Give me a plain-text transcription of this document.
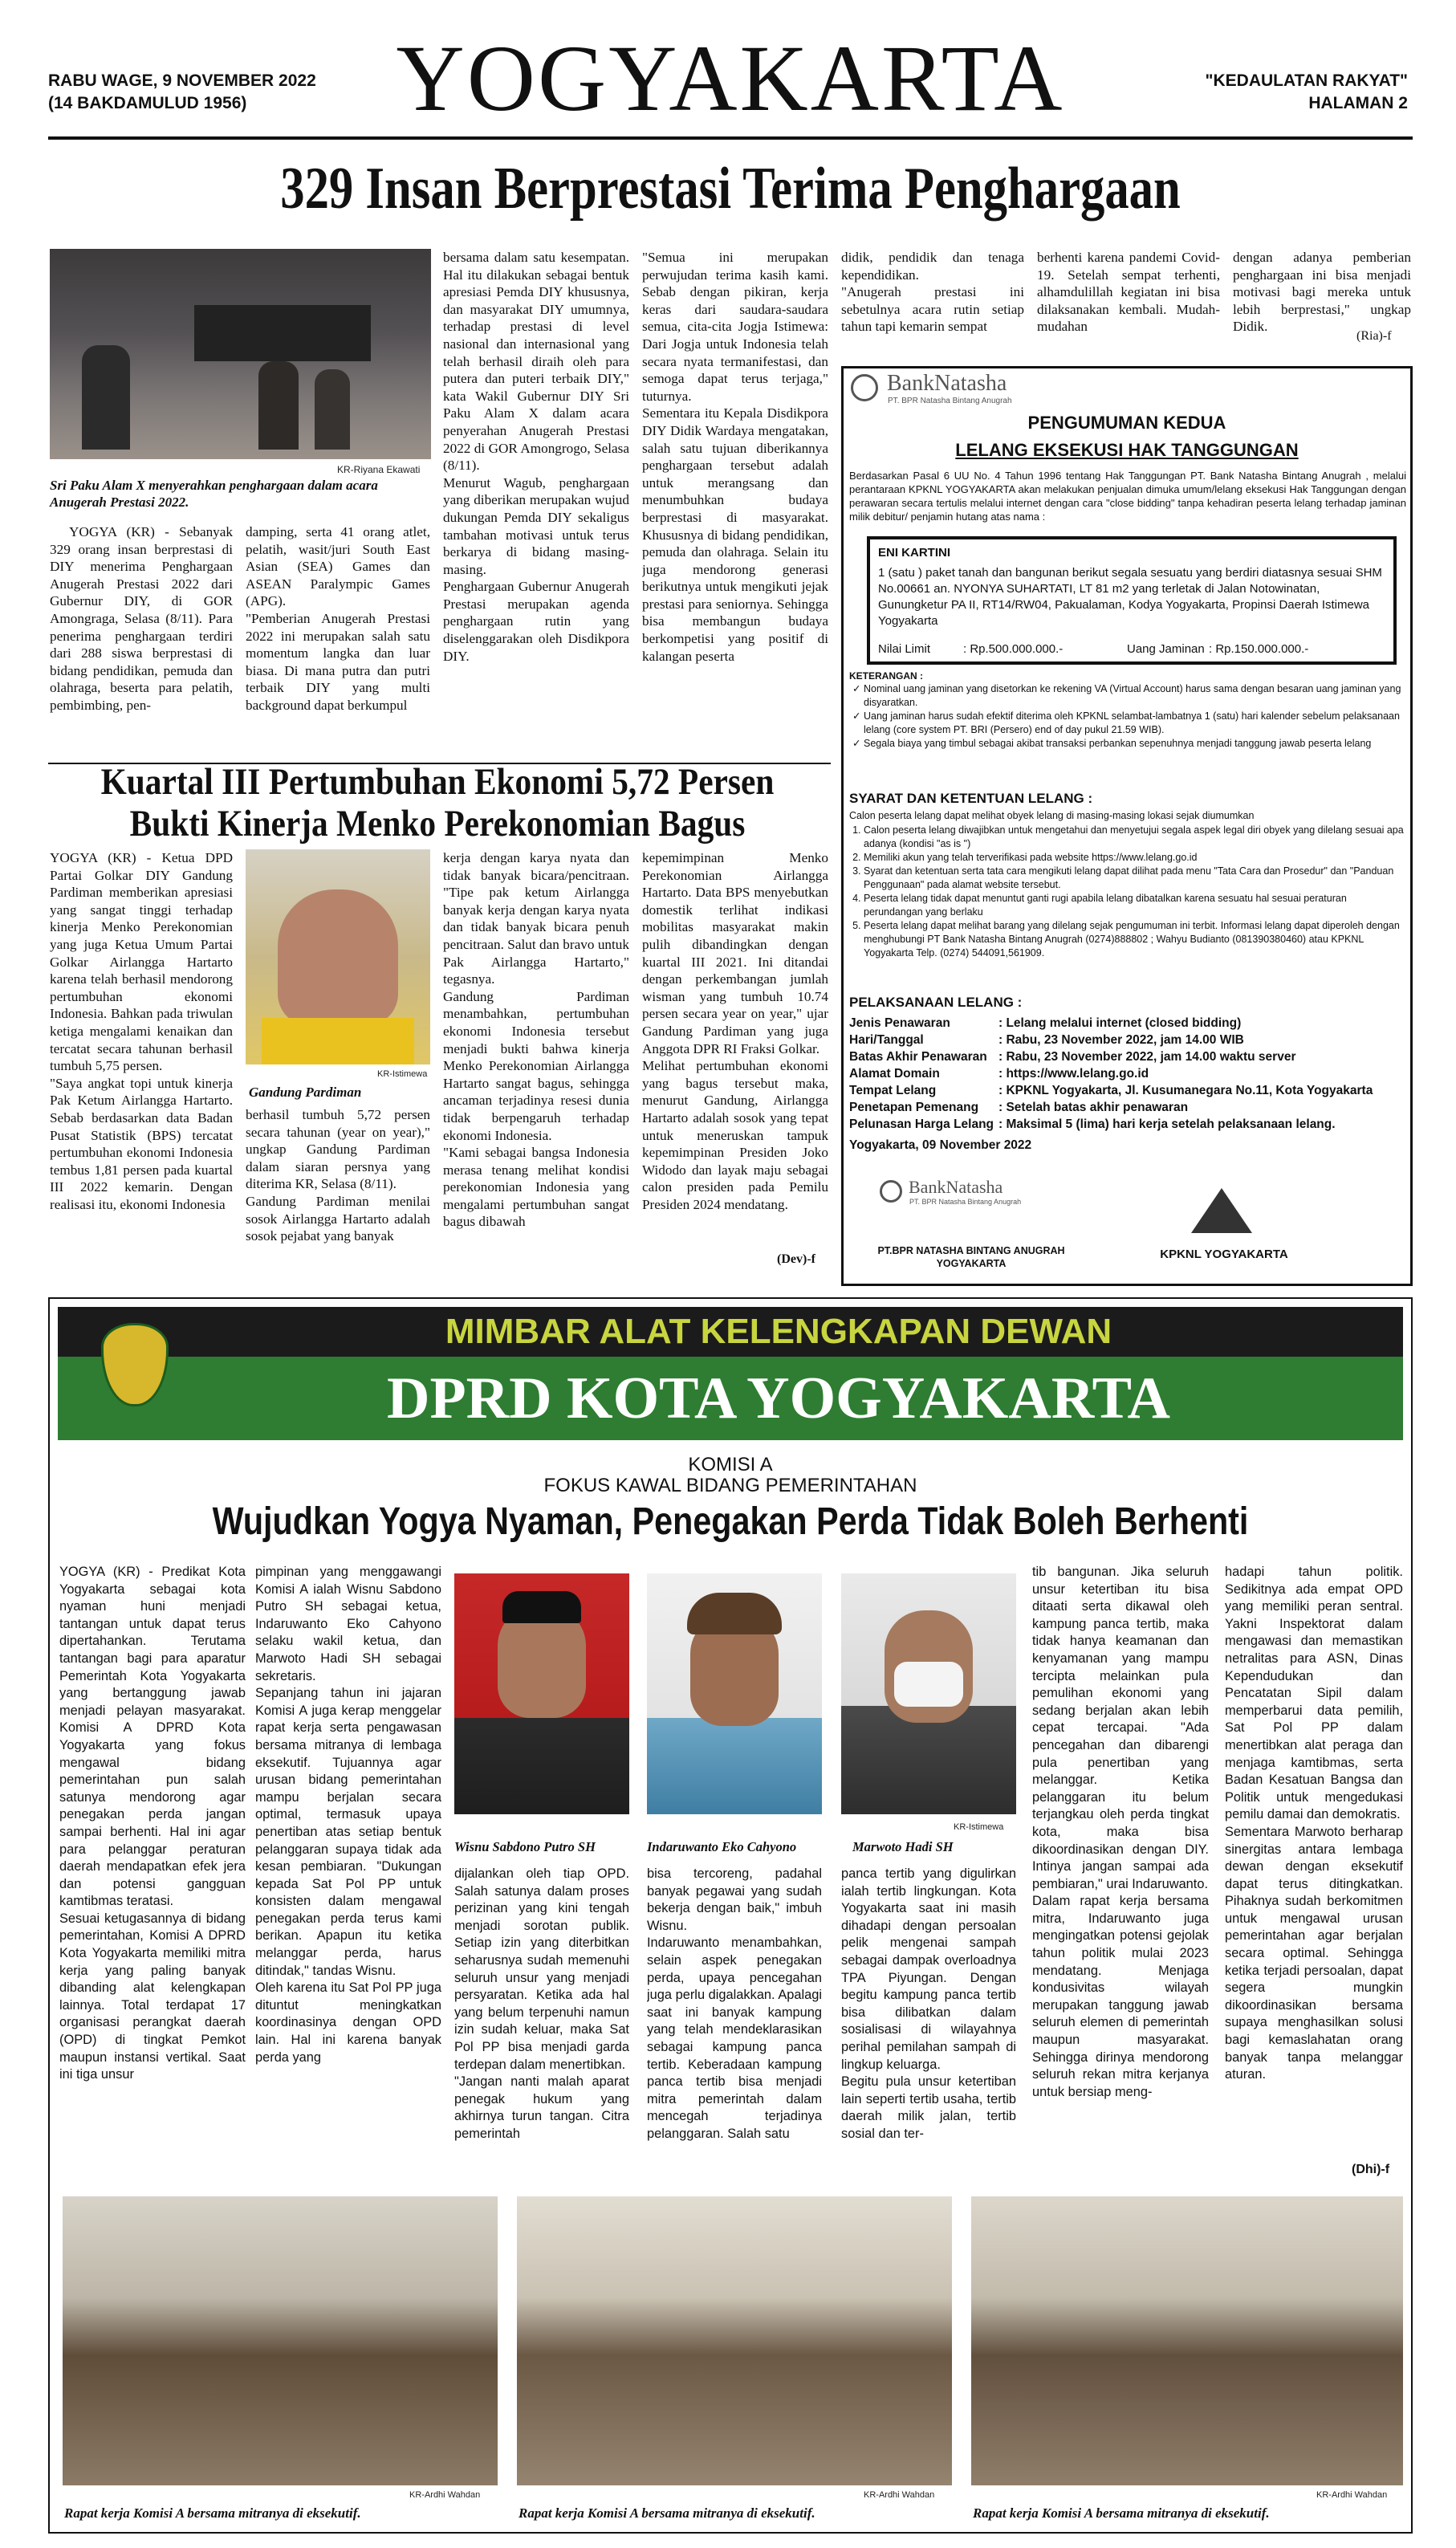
RABU WAGE, 9 NOVEMBER 2022
(14 BAKDAMULUD 1956) YOGYAKARTA	"KEDAULATAN RAKYAT"
HALAMAN 2
329 Insan Berprestasi Terima Penghargaan
KR-Riyana Ekawati
Sri Paku Alam X menyerahkan penghargaan dalam acara Anugerah Prestasi 2022.

YOGYA (KR) - Sebanyak 329 orang insan berprestasi di DIY menerima Penghargaan Anugerah Prestasi 2022 dari Gubernur DIY, di GOR Amongraga, Selasa (8/11). Para penerima penghargaan terdiri dari 288 siswa berprestasi di bidang pendidikan, pemuda dan olahraga, beserta para pelatih, pembimbing, pen-

damping, serta 41 orang atlet, pelatih, wasit/juri South East Asian (SEA) Games dan ASEAN Paralympic Games (APG).
"Pemberian Anugerah Prestasi 2022 ini merupakan salah satu momentum langka dan luar biasa. Di mana putra dan putri terbaik DIY yang multi background dapat berkumpul
bersama dalam satu kesempatan. Hal itu dilakukan sebagai bentuk apresiasi Pemda DIY khususnya, dan masyarakat DIY umumnya, terhadap prestasi di level nasional dan internasional yang telah berhasil diraih oleh para putera dan puteri terbaik DIY," kata Wakil Gubernur DIY Sri Paku Alam X dalam acara penyerahan Anugerah Prestasi 2022 di GOR Amongrogo, Selasa (8/11).
Menurut Wagub, penghargaan yang diberikan merupakan wujud dukungan Pemda DIY sekaligus tambahan motivasi untuk terus berkarya di bidang masing-masing.
Penghargaan Gubernur Anugerah Prestasi merupakan agenda penghargaan rutin yang diselenggarakan oleh Disdikpora DIY.
"Semua ini merupakan perwujudan terima kasih kami. Sebab dengan pikiran, kerja keras dari saudara-saudara semua, cita-cita Jogja Istimewa: Dari Jogja untuk Indonesia telah secara nyata termanifestasi, dan semoga dapat terus terjaga," tuturnya.
Sementara itu Kepala Disdikpora DIY Didik Wardaya mengatakan, salah satu tujuan diberikannya penghargaan tersebut adalah untuk merangsang dan menumbuhkan budaya berprestasi di masyarakat. Khususnya di bidang pendidikan, pemuda dan olahraga. Selain itu juga mendorong generasi berikutnya untuk mengikuti jejak prestasi para seniornya. Sehingga bisa membangun budaya berkompetisi yang positif di kalangan peserta
didik, pendidik dan tenaga kependidikan.
"Anugerah prestasi ini sebetulnya acara rutin setiap tahun tapi kemarin sempat
berhenti karena pandemi Covid-19. Setelah sempat terhenti, alhamdulillah kegiatan ini bisa dilaksanakan kembali. Mudah-mudahan
dengan adanya pemberian penghargaan ini bisa menjadi motivasi bagi mereka untuk lebih berprestasi," ungkap Didik.
(Ria)-f
Kuartal III Pertumbuhan Ekonomi 5,72 Persen
Bukti Kinerja Menko Perekonomian Bagus
YOGYA (KR) - Ketua DPD Partai Golkar DIY Gandung Pardiman memberikan apresiasi yang sangat tinggi terhadap kinerja Menko Perekonomian yang juga Ketua Umum Partai Golkar Airlangga Hartarto karena telah berhasil mendorong pertumbuhan ekonomi Indonesia. Bahkan pada triwulan ketiga mengalami kenaikan dan tercatat secara tahunan berhasil tumbuh 5,75 persen.
"Saya angkat topi untuk kinerja Pak Ketum Airlangga Hartarto. Sebab berdasarkan data Badan Pusat Statistik (BPS) tercatat pertumbuhan ekonomi Indonesia tembus 1,81 persen pada kuartal III 2022 kemarin. Dengan realisasi itu, ekonomi Indonesia
KR-Istimewa
Gandung Pardiman
berhasil tumbuh 5,72 persen secara tahunan (year on year)," ungkap Gandung Pardiman dalam siaran persnya yang diterima KR, Selasa (8/11).
Gandung Pardiman menilai sosok Airlangga Hartarto adalah sosok pejabat yang banyak
kerja dengan karya nyata dan tidak banyak bicara/pencitraan. "Tipe pak ketum Airlangga banyak kerja dengan karya nyata dan tidak banyak bicara penuh pencitraan. Salut dan bravo untuk Pak Airlangga Hartarto," tegasnya.
Gandung Pardiman menambahkan, pertumbuhan ekonomi Indonesia tersebut menjadi bukti bahwa kinerja Menko Perekonomian Airlangga Hartarto sangat bagus, sehingga ancaman terjadinya resesi dunia tidak berpengaruh terhadap ekonomi Indonesia.
"Kami sebagai bangsa Indonesia merasa tenang melihat kondisi perekonomian Indonesia yang mengalami pertumbuhan sangat bagus dibawah
kepemimpinan Menko Perekonomian Airlangga Hartarto. Data BPS menyebutkan domestik terlihat indikasi mobilitas masyarakat makin pulih dibandingkan dengan kuartal III 2021. Ini ditandai dengan perkembangan jumlah wisman yang tumbuh 10.74 persen secara year on year," ujar Gandung Pardiman yang juga Anggota DPR RI Fraksi Golkar.
Melihat pertumbuhan ekonomi yang bagus tersebut maka, menurut Gandung, Airlangga Hartarto adalah sosok yang tepat untuk meneruskan tampuk kepemimpinan Presiden Joko Widodo dan layak maju sebagai calon presiden pada Pemilu Presiden 2024 mendatang.
(Dev)-f
BankNatasha
PT. BPR Natasha Bintang Anugrah
PENGUMUMAN KEDUA
LELANG EKSEKUSI HAK TANGGUNGAN
Berdasarkan Pasal 6 UU No. 4 Tahun 1996 tentang Hak Tanggungan PT. Bank Natasha Bintang Anugrah , melalui perantaraan KPKNL YOGYAKARTA akan melakukan penjualan dimuka umum/lelang eksekusi Hak Tanggungan dengan perawaran secara tertulis melalui internet dengan cara "close bidding" tanpa kehadiran peserta lelang terhadap jaminan milik debitur/ penjamin hutang atas nama :
ENI KARTINI
1 (satu ) paket tanah dan bangunan berikut segala sesuatu yang berdiri diatasnya sesuai SHM No.00661 an. NYONYA SUHARTATI, LT 81 m2 yang terletak di Jalan Notowinatan, Gunungketur PA II, RT14/RW04, Pakualaman, Kodya Yogyakarta, Propinsi Daerah Istimewa Yogyakarta
Nilai Limit	: Rp.500.000.000.-	Uang Jaminan : Rp.150.000.000.-
KETERANGAN :
✓ Nominal uang jaminan yang disetorkan ke rekening VA (Virtual Account) harus sama dengan besaran uang jaminan yang disyaratkan.
✓ Uang jaminan harus sudah efektif diterima oleh KPKNL selambat-lambatnya 1 (satu) hari kalender sebelum pelaksanaan lelang (core system PT. BRI (Persero) end of day pukul 21.59 WIB).
✓ Segala biaya yang timbul sebagai akibat transaksi perbankan sepenuhnya menjadi tanggung jawab peserta lelang
SYARAT DAN KETENTUAN LELANG :
Calon peserta lelang dapat melihat obyek lelang di masing-masing lokasi sejak diumumkan
1. Calon peserta lelang diwajibkan untuk mengetahui dan menyetujui segala aspek legal diri obyek yang dilelang sesuai apa adanya (kondisi "as is ")
2. Memiliki akun yang telah terverifikasi pada website https://www.lelang.go.id
3. Syarat dan ketentuan serta tata cara mengikuti lelang dapat dilihat pada menu "Tata Cara dan Prosedur" dan "Panduan Penggunaan" pada alamat website tersebut.
4. Peserta lelang tidak dapat menuntut ganti rugi apabila lelang dibatalkan karena sesuatu hal sesuai peraturan perundangan yang berlaku
5. Peserta lelang dapat melihat barang yang dilelang sejak pengumuman ini terbit. Informasi lelang dapat diperoleh dengan menghubungi PT Bank Natasha Bintang Anugrah (0274)888802 ; Wahyu Budianto (081390380460) atau KPKNL Yogyakarta Telp. (0274) 544091,561909.
PELAKSANAAN LELANG :
Jenis Penawaran	: Lelang melalui internet (closed bidding)
Hari/Tanggal	: Rabu, 23 November 2022, jam 14.00 WIB
Batas Akhir Penawaran : Rabu, 23 November 2022, jam 14.00 waktu server
Alamat Domain	: https://www.lelang.go.id
Tempat Lelang	: KPKNL Yogyakarta, Jl. Kusumanegara No.11, Kota Yogyakarta
Penetapan Pemenang	: Setelah batas akhir penawaran
Pelunasan Harga Lelang : Maksimal 5 (lima) hari kerja setelah pelaksanaan lelang.
Yogyakarta, 09 November 2022
BankNatasha
PT. BPR Natasha Bintang Anugrah
PT.BPR NATASHA BINTANG ANUGRAH
YOGYAKARTA
KPKNL YOGYAKARTA
MIMBAR ALAT KELENGKAPAN DEWAN
DPRD KOTA YOGYAKARTA
KOMISI A
FOKUS KAWAL BIDANG PEMERINTAHAN
Wujudkan Yogya Nyaman, Penegakan Perda Tidak Boleh Berhenti
YOGYA (KR) - Predikat Kota Yogyakarta sebagai kota nyaman huni menjadi tantangan untuk dapat terus dipertahankan. Terutama tantangan bagi para aparatur Pemerintah Kota Yogyakarta yang bertanggung jawab menjadi pelayan masyarakat. Komisi A DPRD Kota Yogyakarta yang fokus mengawal bidang pemerintahan pun salah satunya mendorong agar penegakan perda jangan sampai berhenti. Hal ini agar para pelanggar peraturan daerah mendapatkan efek jera dan potensi gangguan kamtibmas teratasi.
Sesuai ketugasannya di bidang pemerintahan, Komisi A DPRD Kota Yogyakarta memiliki mitra kerja yang paling banyak dibanding alat kelengkapan lainnya. Total terdapat 17 organisasi perangkat daerah (OPD) di tingkat Pemkot maupun instansi vertikal. Saat ini tiga unsur
pimpinan yang menggawangi Komisi A ialah Wisnu Sabdono Putro SH sebagai ketua, Indaruwanto Eko Cahyono selaku wakil ketua, dan Marwoto Hadi SH sebagai sekretaris.
Sepanjang tahun ini jajaran Komisi A juga kerap menggelar rapat kerja serta pengawasan bersama mitranya di lembaga eksekutif. Tujuannya agar urusan bidang pemerintahan mampu berjalan secara optimal, termasuk upaya penertiban atas setiap bentuk pelanggaran supaya tidak ada kesan pembiaran. "Dukungan kepada Sat Pol PP untuk konsisten dalam mengawal penegakan perda terus kami berikan. Apapun itu ketika melanggar perda, harus ditindak," tandas Wisnu.
Oleh karena itu Sat Pol PP juga dituntut meningkatkan koordinasinya dengan OPD lain. Hal ini karena banyak perda yang
KR-Istimewa
Wisnu Sabdono Putro SH	Indaruwanto Eko Cahyono	Marwoto Hadi SH
dijalankan oleh tiap OPD. Salah satunya dalam proses perizinan yang kini tengah menjadi sorotan publik. Setiap izin yang diterbitkan seharusnya sudah memenuhi seluruh unsur yang menjadi persyaratan. Ketika ada hal yang belum terpenuhi namun izin sudah keluar, maka Sat Pol PP bisa menjadi garda terdepan dalam menertibkan.
"Jangan nanti malah aparat penegak hukum yang akhirnya turun tangan. Citra pemerintah
bisa tercoreng, padahal banyak pegawai yang sudah bekerja dengan baik," imbuh Wisnu.
Indaruwanto menambahkan, selain aspek penegakan perda, upaya pencegahan juga perlu digalakkan. Apalagi saat ini banyak kampung yang telah mendeklarasikan sebagai kampung panca tertib. Keberadaan kampung panca tertib bisa menjadi mitra pemerintah dalam mencegah terjadinya pelanggaran. Salah satu
panca tertib yang digulirkan ialah tertib lingkungan. Kota Yogyakarta saat ini masih dihadapi dengan persoalan pelik mengenai sampah sebagai dampak overloadnya TPA Piyungan. Dengan begitu kampung panca tertib bisa dilibatkan dalam sosialisasi di wilayahnya perihal pemilahan sampah di lingkup keluarga.
Begitu pula unsur ketertiban lain seperti tertib usaha, tertib daerah milik jalan, tertib sosial dan ter-
tib bangunan. Jika seluruh unsur ketertiban itu bisa ditaati serta dikawal oleh kampung panca tertib, maka tidak hanya keamanan dan kenyamanan yang mampu tercipta melainkan pula pemulihan ekonomi yang sedang berjalan akan lebih cepat tercapai. "Ada pencegahan dan dibarengi pula penertiban yang melanggar. Ketika pelanggaran itu belum terjangkau oleh perda tingkat kota, maka bisa dikoordinasikan dengan DIY. Intinya jangan sampai ada pembiaran," urai Indaruwanto.
Dalam rapat kerja bersama mitra, Indaruwanto juga mengingatkan potensi gejolak tahun politik mulai 2023 mendatang. Menjaga kondusivitas wilayah merupakan tanggung jawab seluruh elemen di pemerintah maupun masyarakat. Sehingga dirinya mendorong seluruh rekan mitra kerjanya untuk bersiap meng-
hadapi tahun politik. Sedikitnya ada empat OPD yang memiliki peran sentral. Yakni Inspektorat dalam mengawasi dan memastikan netralitas para ASN, Dinas Kependudukan dan Pencatatan Sipil dalam memperbarui data pemilih, Sat Pol PP dalam menertibkan alat peraga dan menjaga kamtibmas, serta Badan Kesatuan Bangsa dan Politik untuk mengedukasi pemilu damai dan demokratis.
Sementara Marwoto berharap sinergitas antara lembaga dewan dengan eksekutif dapat terus ditingkatkan. Pihaknya sudah berkomitmen untuk mengawal urusan pemerintahan agar berjalan secara optimal. Sehingga ketika terjadi persoalan, dapat segera mungkin dikoordinasikan bersama supaya menghasilkan solusi bagi kemaslahatan orang banyak tanpa melanggar aturan.
(Dhi)-f
KR-Ardhi Wahdan
Rapat kerja Komisi A bersama mitranya di eksekutif.
KR-Ardhi Wahdan
Rapat kerja Komisi A bersama mitranya di eksekutif.
KR-Ardhi Wahdan
Rapat kerja Komisi A bersama mitranya di eksekutif.
